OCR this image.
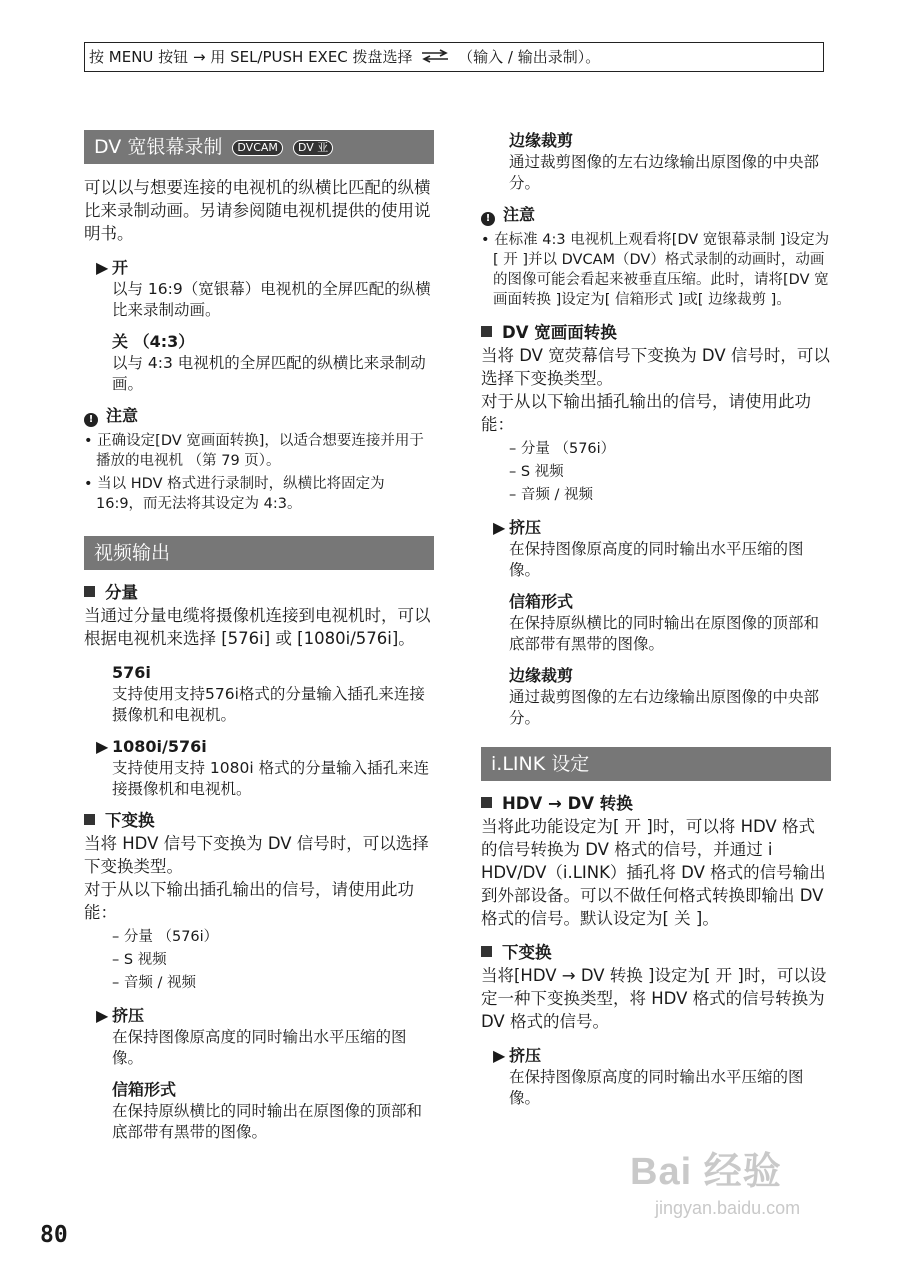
按 MENU 按钮 → 用 SEL/PUSH EXEC 拨盘选择	（输入 / 输出录制）。
DV 宽银幕录制 DVCAM DV 亚

可以以与想要连接的电视机的纵横比匹配的纵横比来录制动画。另请参阅随电视机提供的使用说明书。

▶ 开
以与 16:9（宽银幕）电视机的全屏匹配的纵横比来录制动画。
关 （4:3）
以与 4:3 电视机的全屏匹配的纵横比来录制动画。
! 注意
• 正确设定[DV 宽画面转换]，以适合想要连接并用于播放的电视机 （第 79 页）。
• 当以 HDV 格式进行录制时，纵横比将固定为 16:9，而无法将其设定为 4:3。
视频输出
分量

当通过分量电缆将摄像机连接到电视机时，可以根据电视机来选择 [576i] 或 [1080i/576i]。

576i
支持使用支持576i格式的分量输入插孔来连接摄像机和电视机。
▶ 1080i/576i
支持使用支持 1080i 格式的分量输入插孔来连接摄像机和电视机。
下变换

当将 HDV 信号下变换为 DV 信号时，可以选择下变换类型。

对于从以下输出插孔输出的信号，请使用此功能：

– 分量 （576i）
– S 视频
– 音频 / 视频
▶ 挤压
在保持图像原高度的同时输出水平压缩的图像。
信箱形式
在保持原纵横比的同时输出在原图像的顶部和底部带有黑带的图像。
边缘裁剪
通过裁剪图像的左右边缘输出原图像的中央部分。
! 注意
• 在标准 4:3 电视机上观看将[DV 宽银幕录制 ]设定为[ 开 ]并以 DVCAM（DV）格式录制的动画时，动画的图像可能会看起来被垂直压缩。此时，请将[DV 宽画面转换 ]设定为[ 信箱形式 ]或[ 边缘裁剪 ]。
DV 宽画面转换

当将 DV 宽荧幕信号下变换为 DV 信号时，可以选择下变换类型。

对于从以下输出插孔输出的信号，请使用此功能：

– 分量 （576i）
– S 视频
– 音频 / 视频
▶ 挤压
在保持图像原高度的同时输出水平压缩的图像。
信箱形式
在保持原纵横比的同时输出在原图像的顶部和底部带有黑带的图像。
边缘裁剪
通过裁剪图像的左右边缘输出原图像的中央部分。
i.LINK 设定
HDV → DV 转换

当将此功能设定为[ 开 ]时，可以将 HDV 格式的信号转换为 DV 格式的信号，并通过 i HDV/DV（i.LINK）插孔将 DV 格式的信号输出到外部设备。可以不做任何格式转换即输出 DV 格式的信号。默认设定为[ 关 ]。

下变换

当将[HDV → DV 转换 ]设定为[ 开 ]时，可以设定一种下变换类型，将 HDV 格式的信号转换为 DV 格式的信号。

▶ 挤压
在保持图像原高度的同时输出水平压缩的图像。
80
Bai 经验
jingyan.baidu.com
